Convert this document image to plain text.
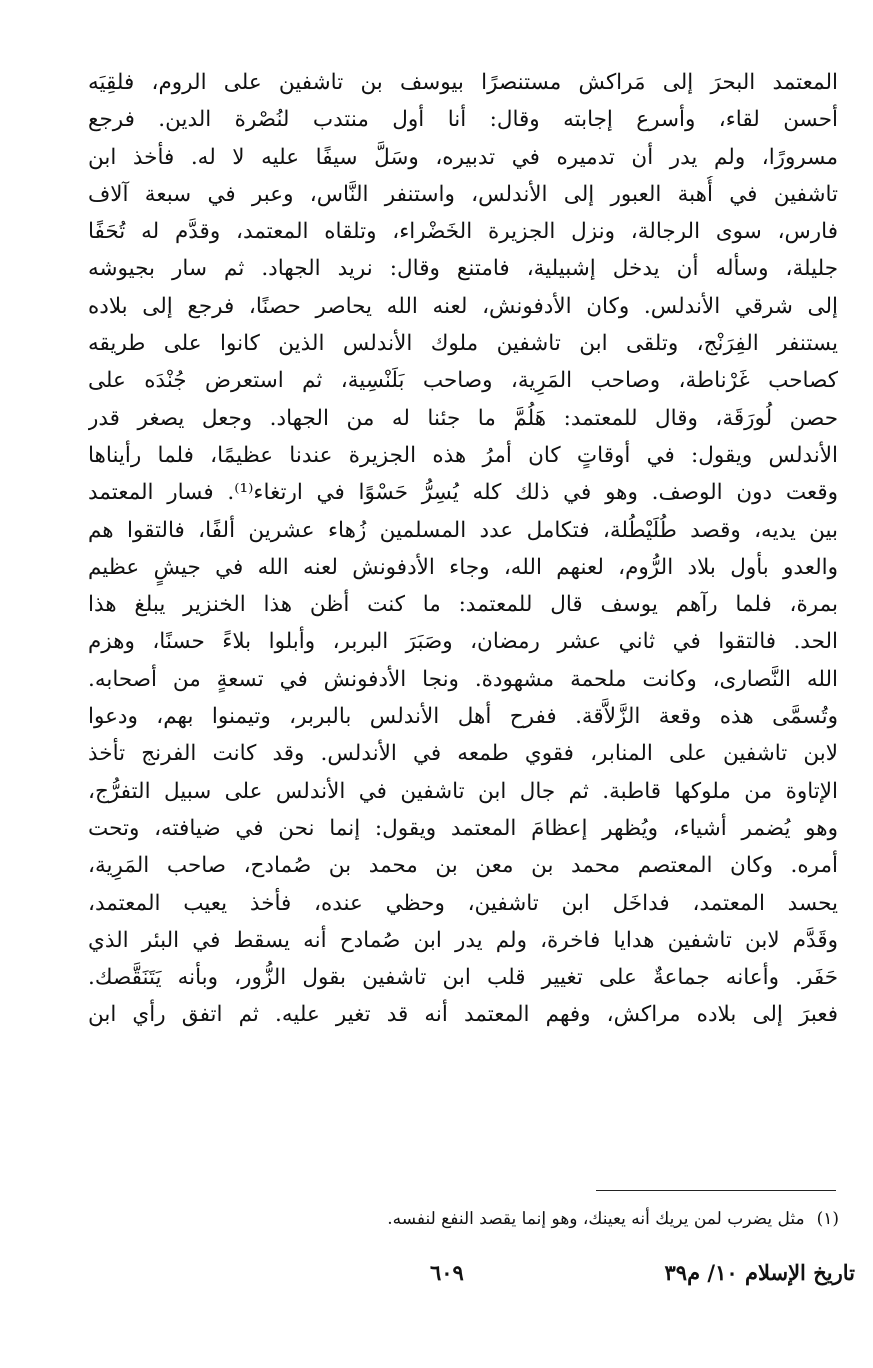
المعتمد البحرَ إلى مَراكش مستنصرًا بيوسف بن تاشفين على الروم، فلقِيَه
أحسن لقاء، وأسرع إجابته وقال: أنا أول منتدب لنُصْرة الدين. فرجع
مسرورًا، ولم يدر أن تدميره في تدبيره، وسَلَّ سيفًا عليه لا له. فأخذ ابن
تاشفين في أُهبة العبور إلى الأندلس، واستنفر النَّاس، وعبر في سبعة آلاف
فارس، سوى الرجالة، ونزل الجزيرة الخَضْراء، وتلقاه المعتمد، وقدَّم له تُحَفًا
جليلة، وسأله أن يدخل إشبيلية، فامتنع وقال: نريد الجهاد. ثم سار بجيوشه
إلى شرقي الأندلس. وكان الأدفونش، لعنه الله يحاصر حصنًا، فرجع إلى بلاده
يستنفر الفِرَنْج، وتلقى ابن تاشفين ملوك الأندلس الذين كانوا على طريقه
كصاحب غَرْناطة، وصاحب المَرِية، وصاحب بَلَنْسِية، ثم استعرض جُنْدَه على
حصن لُورَقَة، وقال للمعتمد: هَلُمَّ ما جئنا له من الجهاد. وجعل يصغر قدر
الأندلس ويقول: في أوقاتٍ كان أمرُ هذه الجزيرة عندنا عظيمًا، فلما رأيناها
وقعت دون الوصف. وهو في ذلك كله يُسِرُّ حَسْوًا في ارتغاء⁽¹⁾. فسار المعتمد
بين يديه، وقصد طُلَيْطُلة، فتكامل عدد المسلمين زُهاء عشرين ألفًا، فالتقوا هم
والعدو بأول بلاد الرُّوم، لعنهم الله، وجاء الأدفونش لعنه الله في جيشٍ عظيم
بمرة، فلما رآهم يوسف قال للمعتمد: ما كنت أظن هذا الخنزير يبلغ هذا
الحد. فالتقوا في ثاني عشر رمضان، وصَبَرَ البربر، وأبلوا بلاءً حسنًا، وهزم
الله النَّصارى، وكانت ملحمة مشهودة. ونجا الأدفونش في تسعةٍ من أصحابه.
وتُسمَّى هذه وقعة الزَّلاَّقة. ففرح أهل الأندلس بالبربر، وتيمنوا بهم، ودعوا
لابن تاشفين على المنابر، فقوي طمعه في الأندلس. وقد كانت الفرنج تأخذ
الإتاوة من ملوكها قاطبة. ثم جال ابن تاشفين في الأندلس على سبيل التفرُّج،
وهو يُضمر أشياء، ويُظهر إعظامَ المعتمد ويقول: إنما نحن في ضيافته، وتحت
أمره. وكان المعتصم محمد بن معن بن محمد بن صُمادح، صاحب المَرِية،
يحسد المعتمد، فداخَل ابن تاشفين، وحظي عنده، فأخذ يعيب المعتمد،
وقَدَّم لابن تاشفين هدايا فاخرة، ولم يدر ابن صُمادح أنه يسقط في البئر الذي
حَفَر. وأعانه جماعةٌ على تغيير قلب ابن تاشفين بقول الزُّور، وبأنه يَتَنَقَّصك.
فعبرَ إلى بلاده مراكش، وفهم المعتمد أنه قد تغير عليه. ثم اتفق رأي ابن
(١)مثل يضرب لمن يريك أنه يعينك، وهو إنما يقصد النفع لنفسه.
تاريخ الإسلام ١٠/ م٣٩
٦٠٩
